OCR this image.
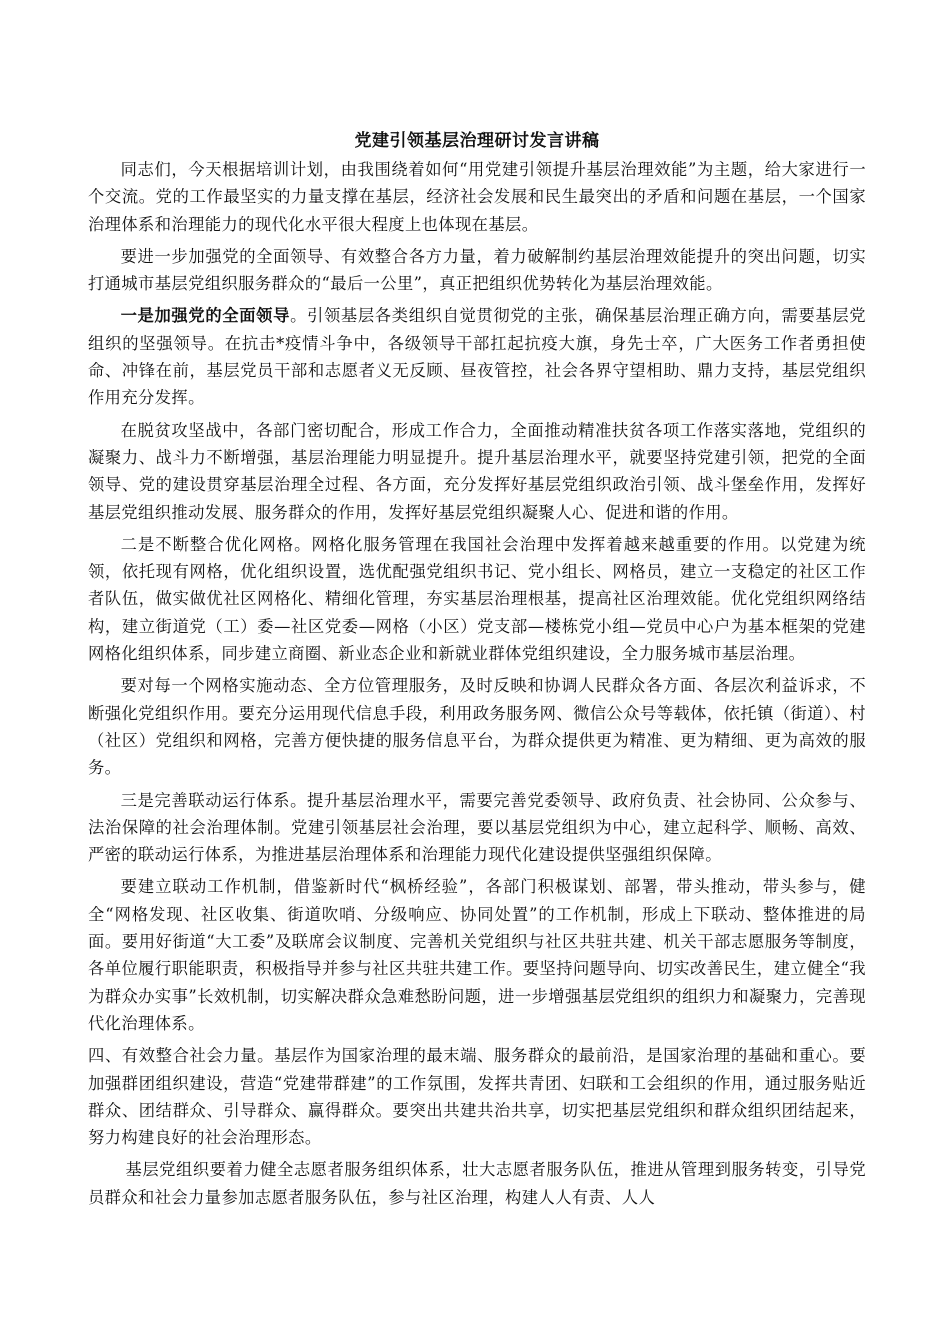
党建引领基层治理研讨发言讲稿

同志们，今天根据培训计划，由我围绕着如何“用党建引领提升基层治理效能”为主题，给大家进行一个交流。党的工作最坚实的力量支撑在基层，经济社会发展和民生最突出的矛盾和问题在基层，一个国家治理体系和治理能力的现代化水平很大程度上也体现在基层。

要进一步加强党的全面领导、有效整合各方力量，着力破解制约基层治理效能提升的突出问题，切实打通城市基层党组织服务群众的“最后一公里”，真正把组织优势转化为基层治理效能。

一是加强党的全面领导。引领基层各类组织自觉贯彻党的主张，确保基层治理正确方向，需要基层党组织的坚强领导。在抗击*疫情斗争中，各级领导干部扛起抗疫大旗，身先士卒，广大医务工作者勇担使命、冲锋在前，基层党员干部和志愿者义无反顾、昼夜管控，社会各界守望相助、鼎力支持，基层党组织作用充分发挥。

在脱贫攻坚战中，各部门密切配合，形成工作合力，全面推动精准扶贫各项工作落实落地，党组织的凝聚力、战斗力不断增强，基层治理能力明显提升。提升基层治理水平，就要坚持党建引领，把党的全面领导、党的建设贯穿基层治理全过程、各方面，充分发挥好基层党组织政治引领、战斗堡垒作用，发挥好基层党组织推动发展、服务群众的作用，发挥好基层党组织凝聚人心、促进和谐的作用。

二是不断整合优化网格。网格化服务管理在我国社会治理中发挥着越来越重要的作用。以党建为统领，依托现有网格，优化组织设置，选优配强党组织书记、党小组长、网格员，建立一支稳定的社区工作者队伍，做实做优社区网格化、精细化管理，夯实基层治理根基，提高社区治理效能。优化党组织网络结构，建立街道党（工）委—社区党委—网格（小区）党支部—楼栋党小组—党员中心户为基本框架的党建网格化组织体系，同步建立商圈、新业态企业和新就业群体党组织建设，全力服务城市基层治理。

要对每一个网格实施动态、全方位管理服务，及时反映和协调人民群众各方面、各层次利益诉求，不断强化党组织作用。要充分运用现代信息手段，利用政务服务网、微信公众号等载体，依托镇（街道）、村（社区）党组织和网格，完善方便快捷的服务信息平台，为群众提供更为精准、更为精细、更为高效的服务。

三是完善联动运行体系。提升基层治理水平，需要完善党委领导、政府负责、社会协同、公众参与、法治保障的社会治理体制。党建引领基层社会治理，要以基层党组织为中心，建立起科学、顺畅、高效、严密的联动运行体系，为推进基层治理体系和治理能力现代化建设提供坚强组织保障。

要建立联动工作机制，借鉴新时代“枫桥经验”，各部门积极谋划、部署，带头推动，带头参与，健全“网格发现、社区收集、街道吹哨、分级响应、协同处置”的工作机制，形成上下联动、整体推进的局面。要用好街道“大工委”及联席会议制度、完善机关党组织与社区共驻共建、机关干部志愿服务等制度，各单位履行职能职责，积极指导并参与社区共驻共建工作。要坚持问题导向、切实改善民生，建立健全“我为群众办实事”长效机制，切实解决群众急难愁盼问题，进一步增强基层党组织的组织力和凝聚力，完善现代化治理体系。

四、有效整合社会力量。基层作为国家治理的最末端、服务群众的最前沿，是国家治理的基础和重心。要加强群团组织建设，营造“党建带群建”的工作氛围，发挥共青团、妇联和工会组织的作用，通过服务贴近群众、团结群众、引导群众、赢得群众。要突出共建共治共享，切实把基层党组织和群众组织团结起来，努力构建良好的社会治理形态。

基层党组织要着力健全志愿者服务组织体系，壮大志愿者服务队伍，推进从管理到服务转变，引导党员群众和社会力量参加志愿者服务队伍，参与社区治理，构建人人有责、人人
